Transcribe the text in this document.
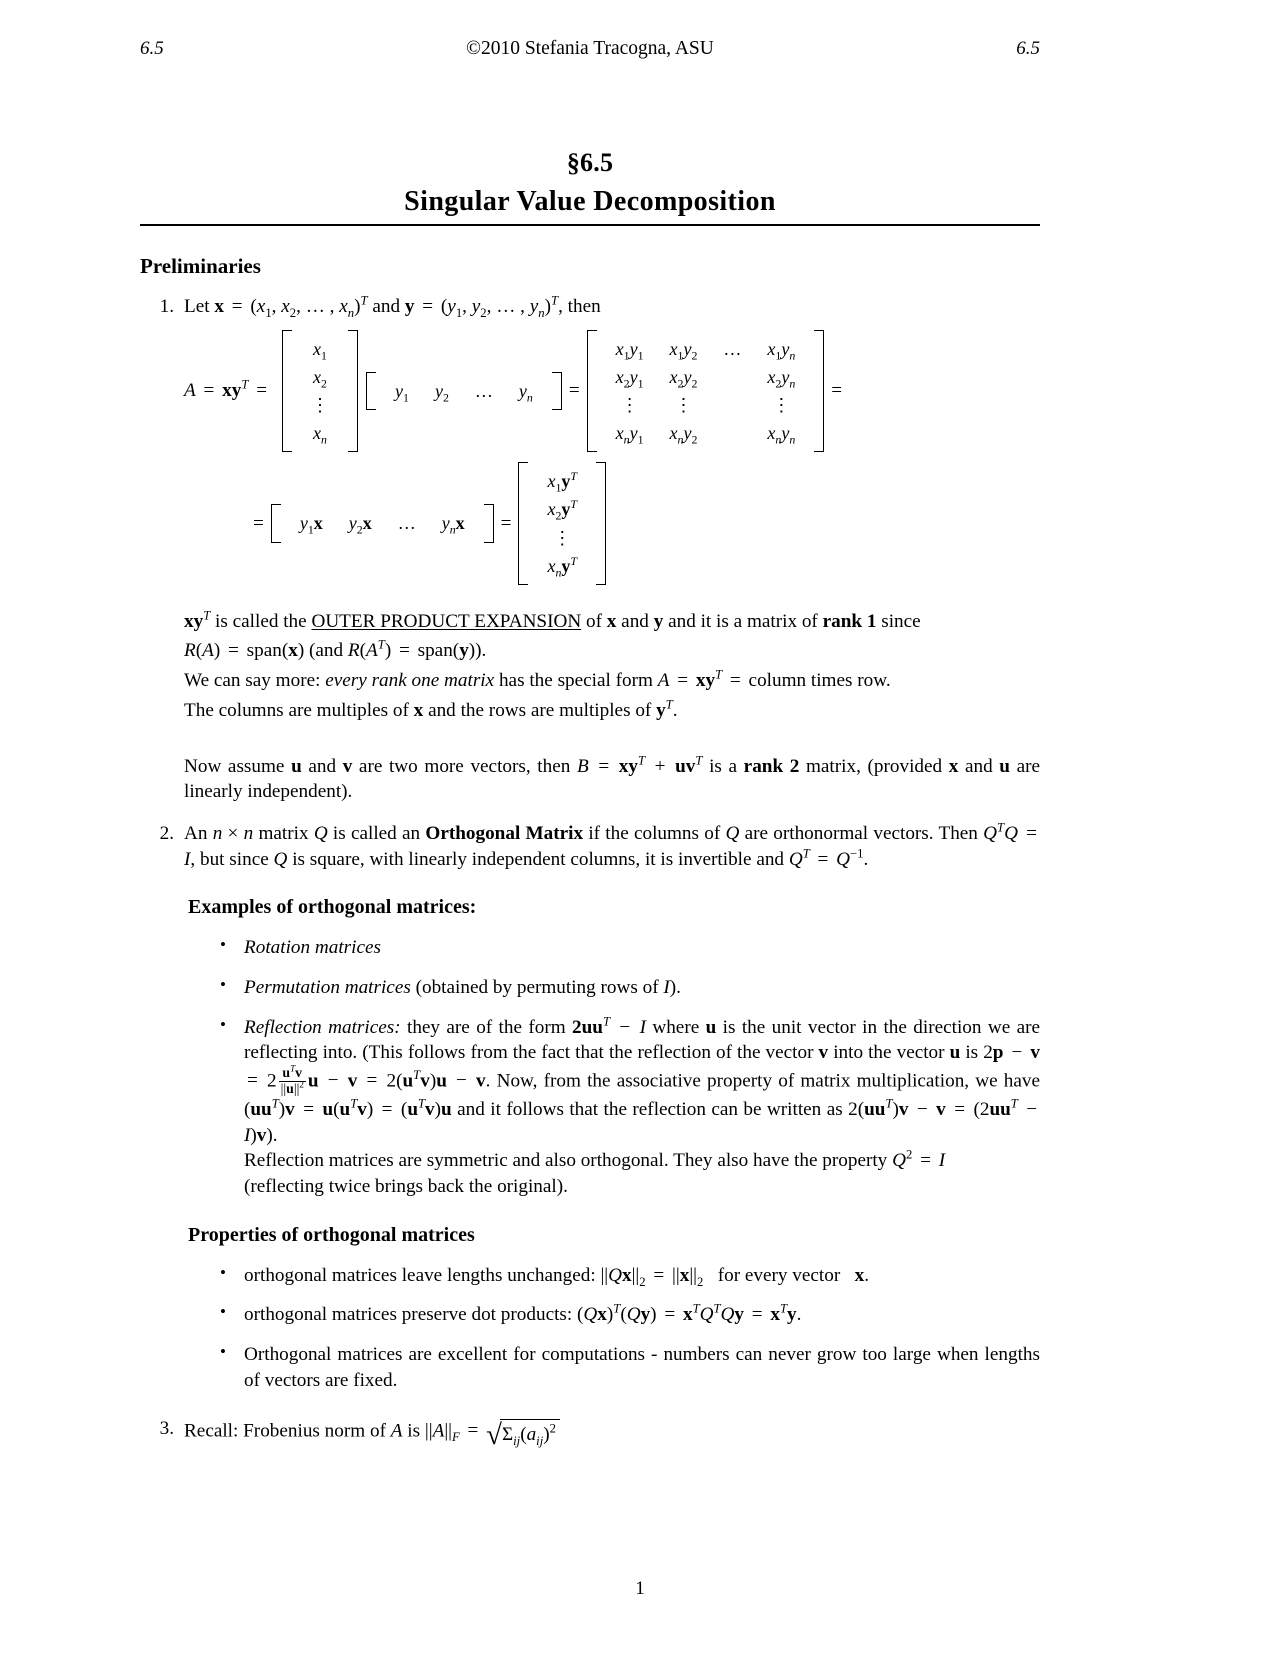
6.5	©2010 Stefania Tracogna, ASU	6.5
§6.5
Singular Value Decomposition
Preliminaries
1. Let $x = (x_1$, $x_2$, … , $x_n)^T$ and $y = (y_1$, $y_2$, … , $y_n)^T$, then
$A = xy^T$ =
$x_1$
$x_2$
⋮
$x_n$
$y_1$	$y_2$	…	$y_n$	=
$x_1y_1$	$x_1y_2$	…	$x_1y_n$
$x_2y_1$	$x_2y_2$	$x_2y_n$
⋮	⋮	⋮
$x_ny_1$	$x_ny_2$	$x_ny_n$
=
=	$y_1x$	$y_2x$	…	$y_nx$	=
$x_1y^T$
$x_2y^T$
⋮
$x_ny^T$
$xy^T$ is called the OUTER PRODUCT EXPANSION of x and y and it is a matrix of rank 1 since
R(A) = span(x) (and $R(A^T)$ = span(y)).
We can say more: every rank one matrix has the special form $A = xy^T$ = column times row.
The columns are multiples of x and the rows are multiples of $y^T$.
Now assume u and v are two more vectors, then $B = xy^T + uv^T$ is a rank 2 matrix, (provided x and u are linearly independent).
2. An n × n matrix Q is called an Orthogonal Matrix if the columns of Q are orthonormal vectors. Then $Q^TQ = I$, but since Q is square, with linearly independent columns, it is invertible and $Q^T = Q^{-1}$.
Examples of orthogonal matrices:
• Rotation matrices
• Permutation matrices (obtained by permuting rows of I).
• Reflection matrices: they are of the form $2uu^T - I$ where u is the unit vector in the direction we are reflecting into. (This follows from the fact that the reflection of the vector v into the vector u is $2p - v = 2 \frac{u^Tv}{||u||^2}$ $u - v = 2(u^Tv)u - v$. Now, from the associative property of matrix multiplication, we have $(uu^T)v = u(u^Tv) = (u^Tv)u$ and it follows that the reflection can be written as $2(uu^T)v - v = (2uu^T - I)v$).
Reflection matrices are symmetric and also orthogonal. They also have the property $Q^2 = I$
(reflecting twice brings back the original).
Properties of orthogonal matrices
• orthogonal matrices leave lengths unchanged: $||Qx||_2 = ||x||_2$   for every vector   x.
• orthogonal matrices preserve dot products: $(Qx)^T(Qy) = x^TQ^TQy = x^Ty$.
• Orthogonal matrices are excellent for computations - numbers can never grow too large when lengths of vectors are fixed.
3. Recall: Frobenius norm of A is $||A||_F = √\Sigma_{ij}(a_{ij})^2$
1
